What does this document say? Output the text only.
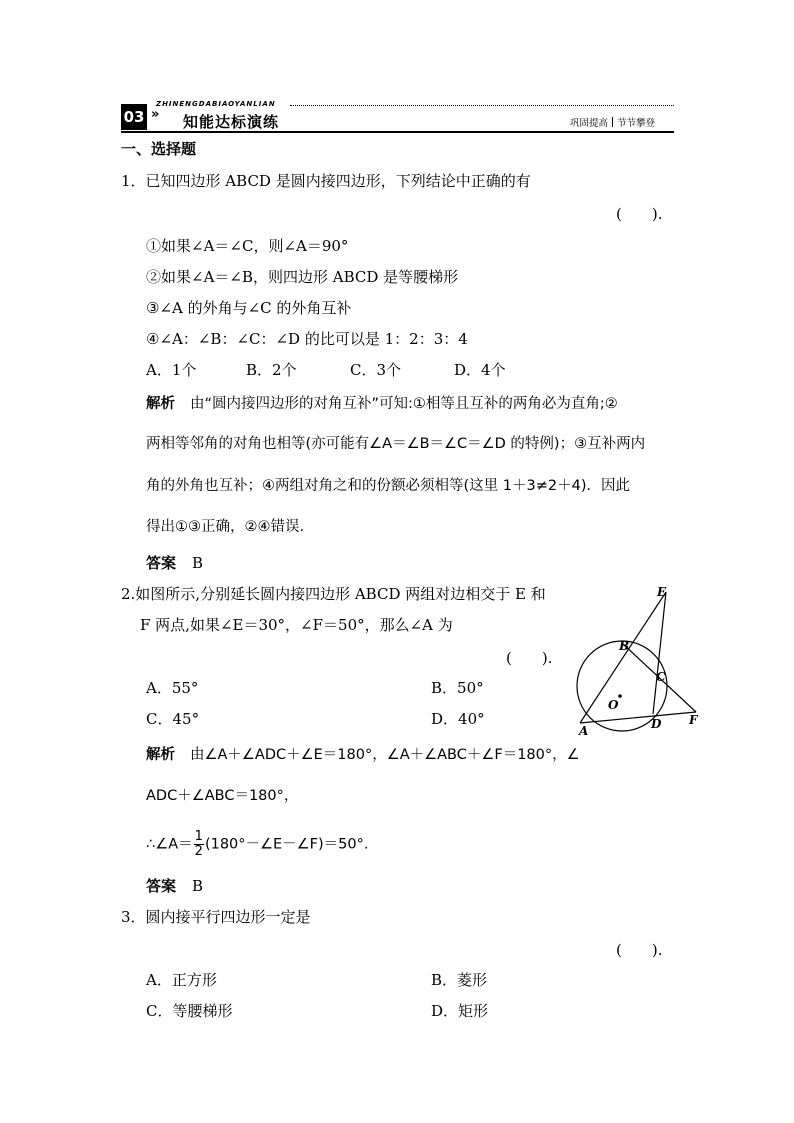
03 »
ZHINENGDABIAOYANLIAN
知能达标演练	巩固提高 节节攀登
一、选择题
1．已知四边形 ABCD 是圆内接四边形，下列结论中正确的有
(　　).
①如果∠A＝∠C，则∠A＝90°
②如果∠A＝∠B，则四边形 ABCD 是等腰梯形
③∠A 的外角与∠C 的外角互补
④∠A：∠B：∠C：∠D 的比可以是 1：2：3：4
A．1个	B．2个	C．3个	D．4个
解析 由“圆内接四边形的对角互补”可知:①相等且互补的两角必为直角;②
两相等邻角的对角也相等(亦可能有∠A＝∠B＝∠C＝∠D 的特例)；③互补两内
角的外角也互补；④两组对角之和的份额必须相等(这里 1＋3≠2＋4)．因此
得出①③正确，②④错误．
答案 B
2.如图所示,分别延长圆内接四边形 ABCD 两组对边相交于 E 和
F 两点,如果∠E＝30°，∠F＝50°，那么∠A 为
(　　).
A．55°	B．50°
C．45°	D．40°
解析 由∠A＋∠ADC＋∠E＝180°，∠A＋∠ABC＋∠F＝180°，∠
ADC＋∠ABC＝180°，
∴∠A＝ $\frac{1}{2}$ (180°－∠E－∠F)＝50°.
答案 B
E
B
C
O
A	D F
3．圆内接平行四边形一定是
(　　).
A．正方形	B．菱形
C．等腰梯形	D．矩形
